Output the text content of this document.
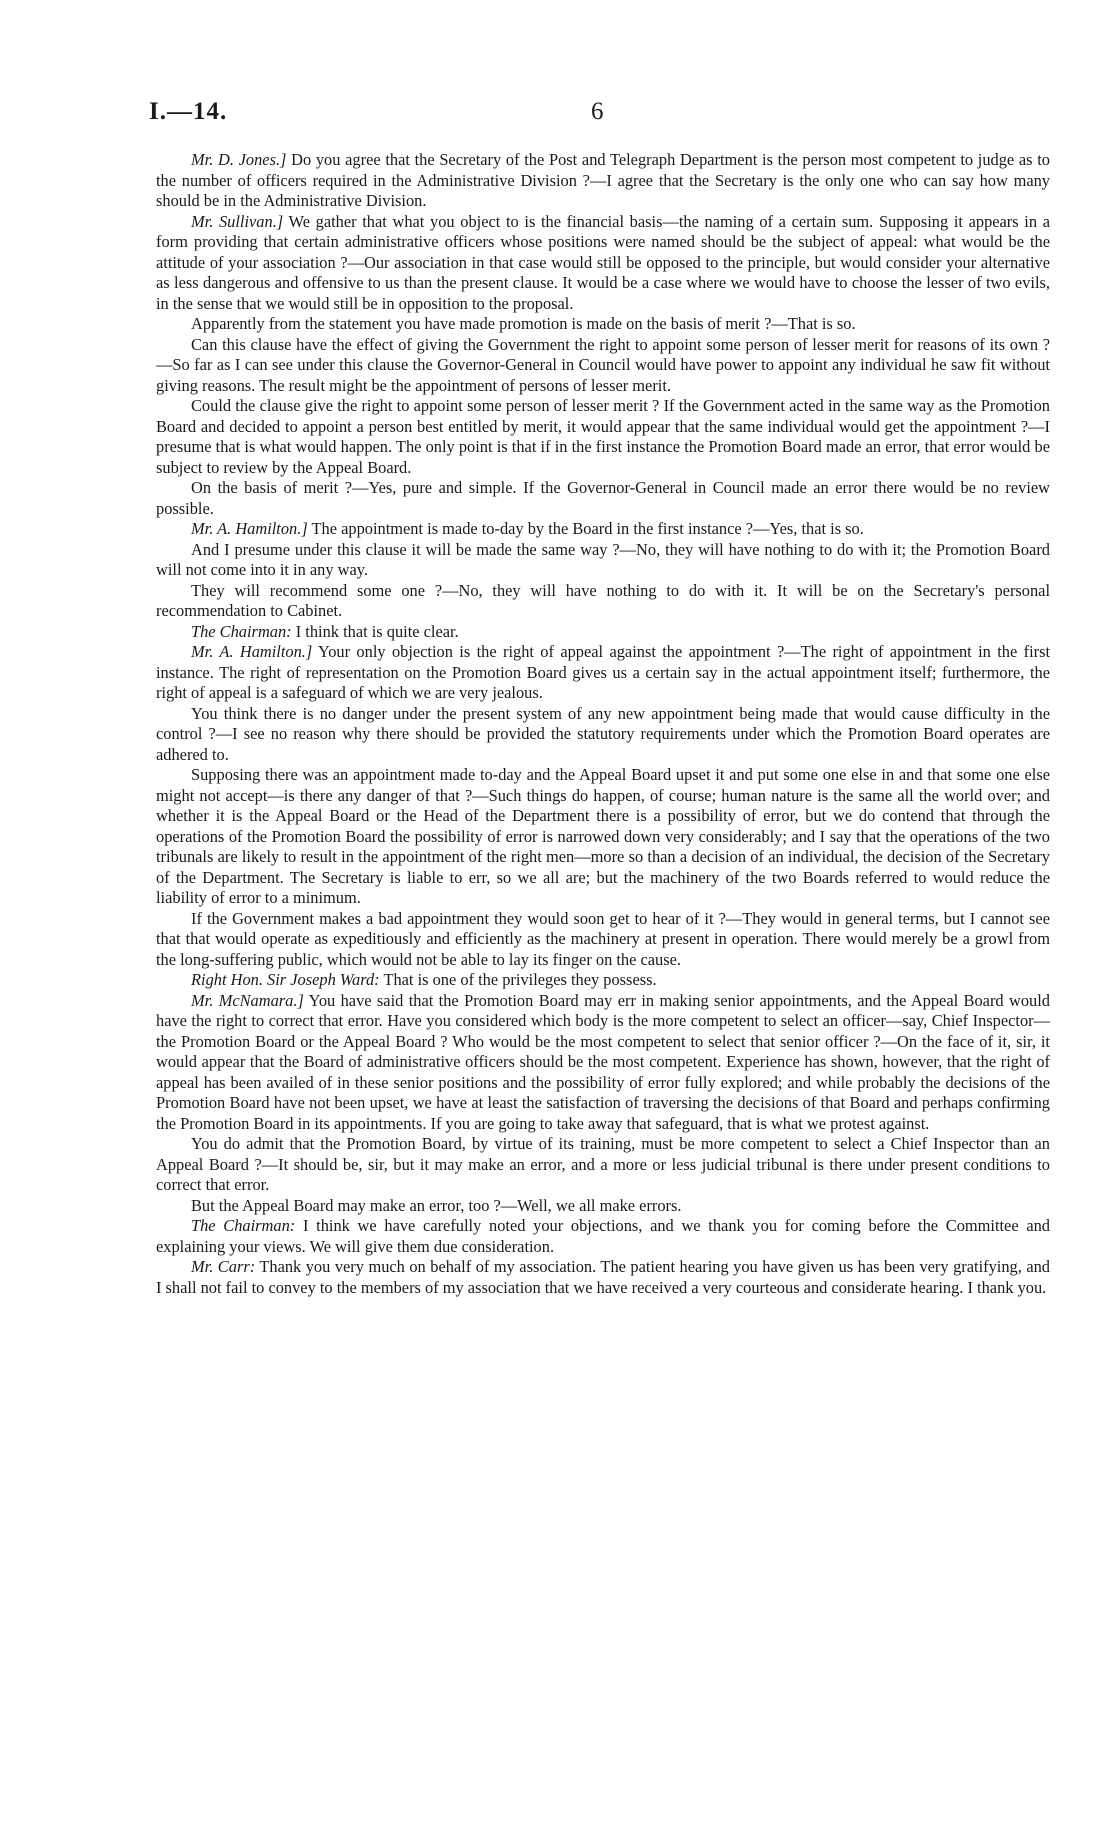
I.—14.	6

Mr. D. Jones.] Do you agree that the Secretary of the Post and Telegraph Department is the person most competent to judge as to the number of officers required in the Administrative Division ?—I agree that the Secretary is the only one who can say how many should be in the Administrative Division.

Mr. Sullivan.] We gather that what you object to is the financial basis—the naming of a certain sum. Supposing it appears in a form providing that certain administrative officers whose positions were named should be the subject of appeal: what would be the attitude of your association ?—Our association in that case would still be opposed to the principle, but would consider your alternative as less dangerous and offensive to us than the present clause. It would be a case where we would have to choose the lesser of two evils, in the sense that we would still be in opposition to the proposal.

Apparently from the statement you have made promotion is made on the basis of merit ?—That is so.

Can this clause have the effect of giving the Government the right to appoint some person of lesser merit for reasons of its own ?—So far as I can see under this clause the Governor-General in Council would have power to appoint any individual he saw fit without giving reasons. The result might be the appointment of persons of lesser merit.

Could the clause give the right to appoint some person of lesser merit ? If the Government acted in the same way as the Promotion Board and decided to appoint a person best entitled by merit, it would appear that the same individual would get the appointment ?—I presume that is what would happen. The only point is that if in the first instance the Promotion Board made an error, that error would be subject to review by the Appeal Board.

On the basis of merit ?—Yes, pure and simple. If the Governor-General in Council made an error there would be no review possible.

Mr. A. Hamilton.] The appointment is made to-day by the Board in the first instance ?—Yes, that is so.

And I presume under this clause it will be made the same way ?—No, they will have nothing to do with it; the Promotion Board will not come into it in any way.

They will recommend some one ?—No, they will have nothing to do with it. It will be on the Secretary's personal recommendation to Cabinet.

The Chairman: I think that is quite clear.

Mr. A. Hamilton.] Your only objection is the right of appeal against the appointment ?—The right of appointment in the first instance. The right of representation on the Promotion Board gives us a certain say in the actual appointment itself; furthermore, the right of appeal is a safeguard of which we are very jealous.

You think there is no danger under the present system of any new appointment being made that would cause difficulty in the control ?—I see no reason why there should be provided the statutory requirements under which the Promotion Board operates are adhered to.

Supposing there was an appointment made to-day and the Appeal Board upset it and put some one else in and that some one else might not accept—is there any danger of that ?—Such things do happen, of course; human nature is the same all the world over; and whether it is the Appeal Board or the Head of the Department there is a possibility of error, but we do contend that through the operations of the Promotion Board the possibility of error is narrowed down very considerably; and I say that the operations of the two tribunals are likely to result in the appointment of the right men—more so than a decision of an individual, the decision of the Secretary of the Department. The Secretary is liable to err, so we all are; but the machinery of the two Boards referred to would reduce the liability of error to a minimum.

If the Government makes a bad appointment they would soon get to hear of it ?—They would in general terms, but I cannot see that that would operate as expeditiously and efficiently as the machinery at present in operation. There would merely be a growl from the long-suffering public, which would not be able to lay its finger on the cause.

Right Hon. Sir Joseph Ward: That is one of the privileges they possess.

Mr. McNamara.] You have said that the Promotion Board may err in making senior appointments, and the Appeal Board would have the right to correct that error. Have you considered which body is the more competent to select an officer—say, Chief Inspector—the Promotion Board or the Appeal Board ? Who would be the most competent to select that senior officer ?—On the face of it, sir, it would appear that the Board of administrative officers should be the most competent. Experience has shown, however, that the right of appeal has been availed of in these senior positions and the possibility of error fully explored; and while probably the decisions of the Promotion Board have not been upset, we have at least the satisfaction of traversing the decisions of that Board and perhaps confirming the Promotion Board in its appointments. If you are going to take away that safeguard, that is what we protest against.

You do admit that the Promotion Board, by virtue of its training, must be more competent to select a Chief Inspector than an Appeal Board ?—It should be, sir, but it may make an error, and a more or less judicial tribunal is there under present conditions to correct that error.

But the Appeal Board may make an error, too ?—Well, we all make errors.

The Chairman: I think we have carefully noted your objections, and we thank you for coming before the Committee and explaining your views. We will give them due consideration.

Mr. Carr: Thank you very much on behalf of my association. The patient hearing you have given us has been very gratifying, and I shall not fail to convey to the members of my association that we have received a very courteous and considerate hearing. I thank you.
